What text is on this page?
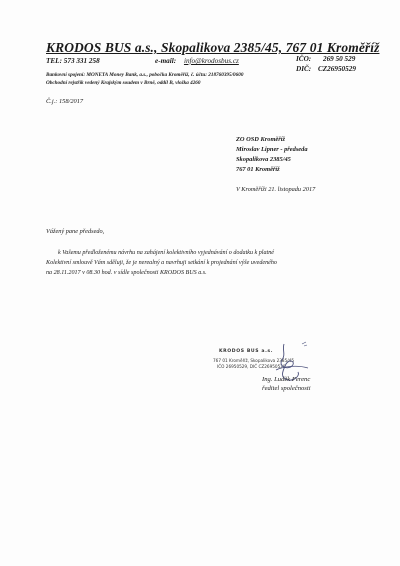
KRODOS BUS a.s., Skopalikova 2385/45, 767 01 Kroměříž
TEL: 573 331 258	e-mail: info@krodosbus.cz	IČO: 269 50 529
DIČ: CZ26950529
Bankovní spojení: MONETA Money Bank, a.s., pobočka Kroměříž, č. účtu: 218760395/0600
Obchodní rejstřík vedený Krajským soudem v Brně, oddíl B, vložka 4260
Č.j.: 158/2017
ZO OSD Kroměříž
Miroslav Lipner - předseda
Skopalikova 2385/45
767 01 Kroměříž
V Kroměříži 21. listopadu 2017
Vážený pane předsedo,
k Vašemu předloženému návrhu na zahájení kolektivního vyjednávání o dodatku k platné
Kolektivní smlouvě Vám sděluji, že je nerealný a navrhuji setkání k projednání výše uvedeného
na 28.11.2017 v 08.30 hod. v sídle společnosti KRODOS BUS a.s.
KRODOS BUS a.s.
767 01 Kroměříž, Skopalikova 2385/45
IČO 26950529, DIČ CZ26950529
Ing. Luděk Ferenc
ředitel společnosti
